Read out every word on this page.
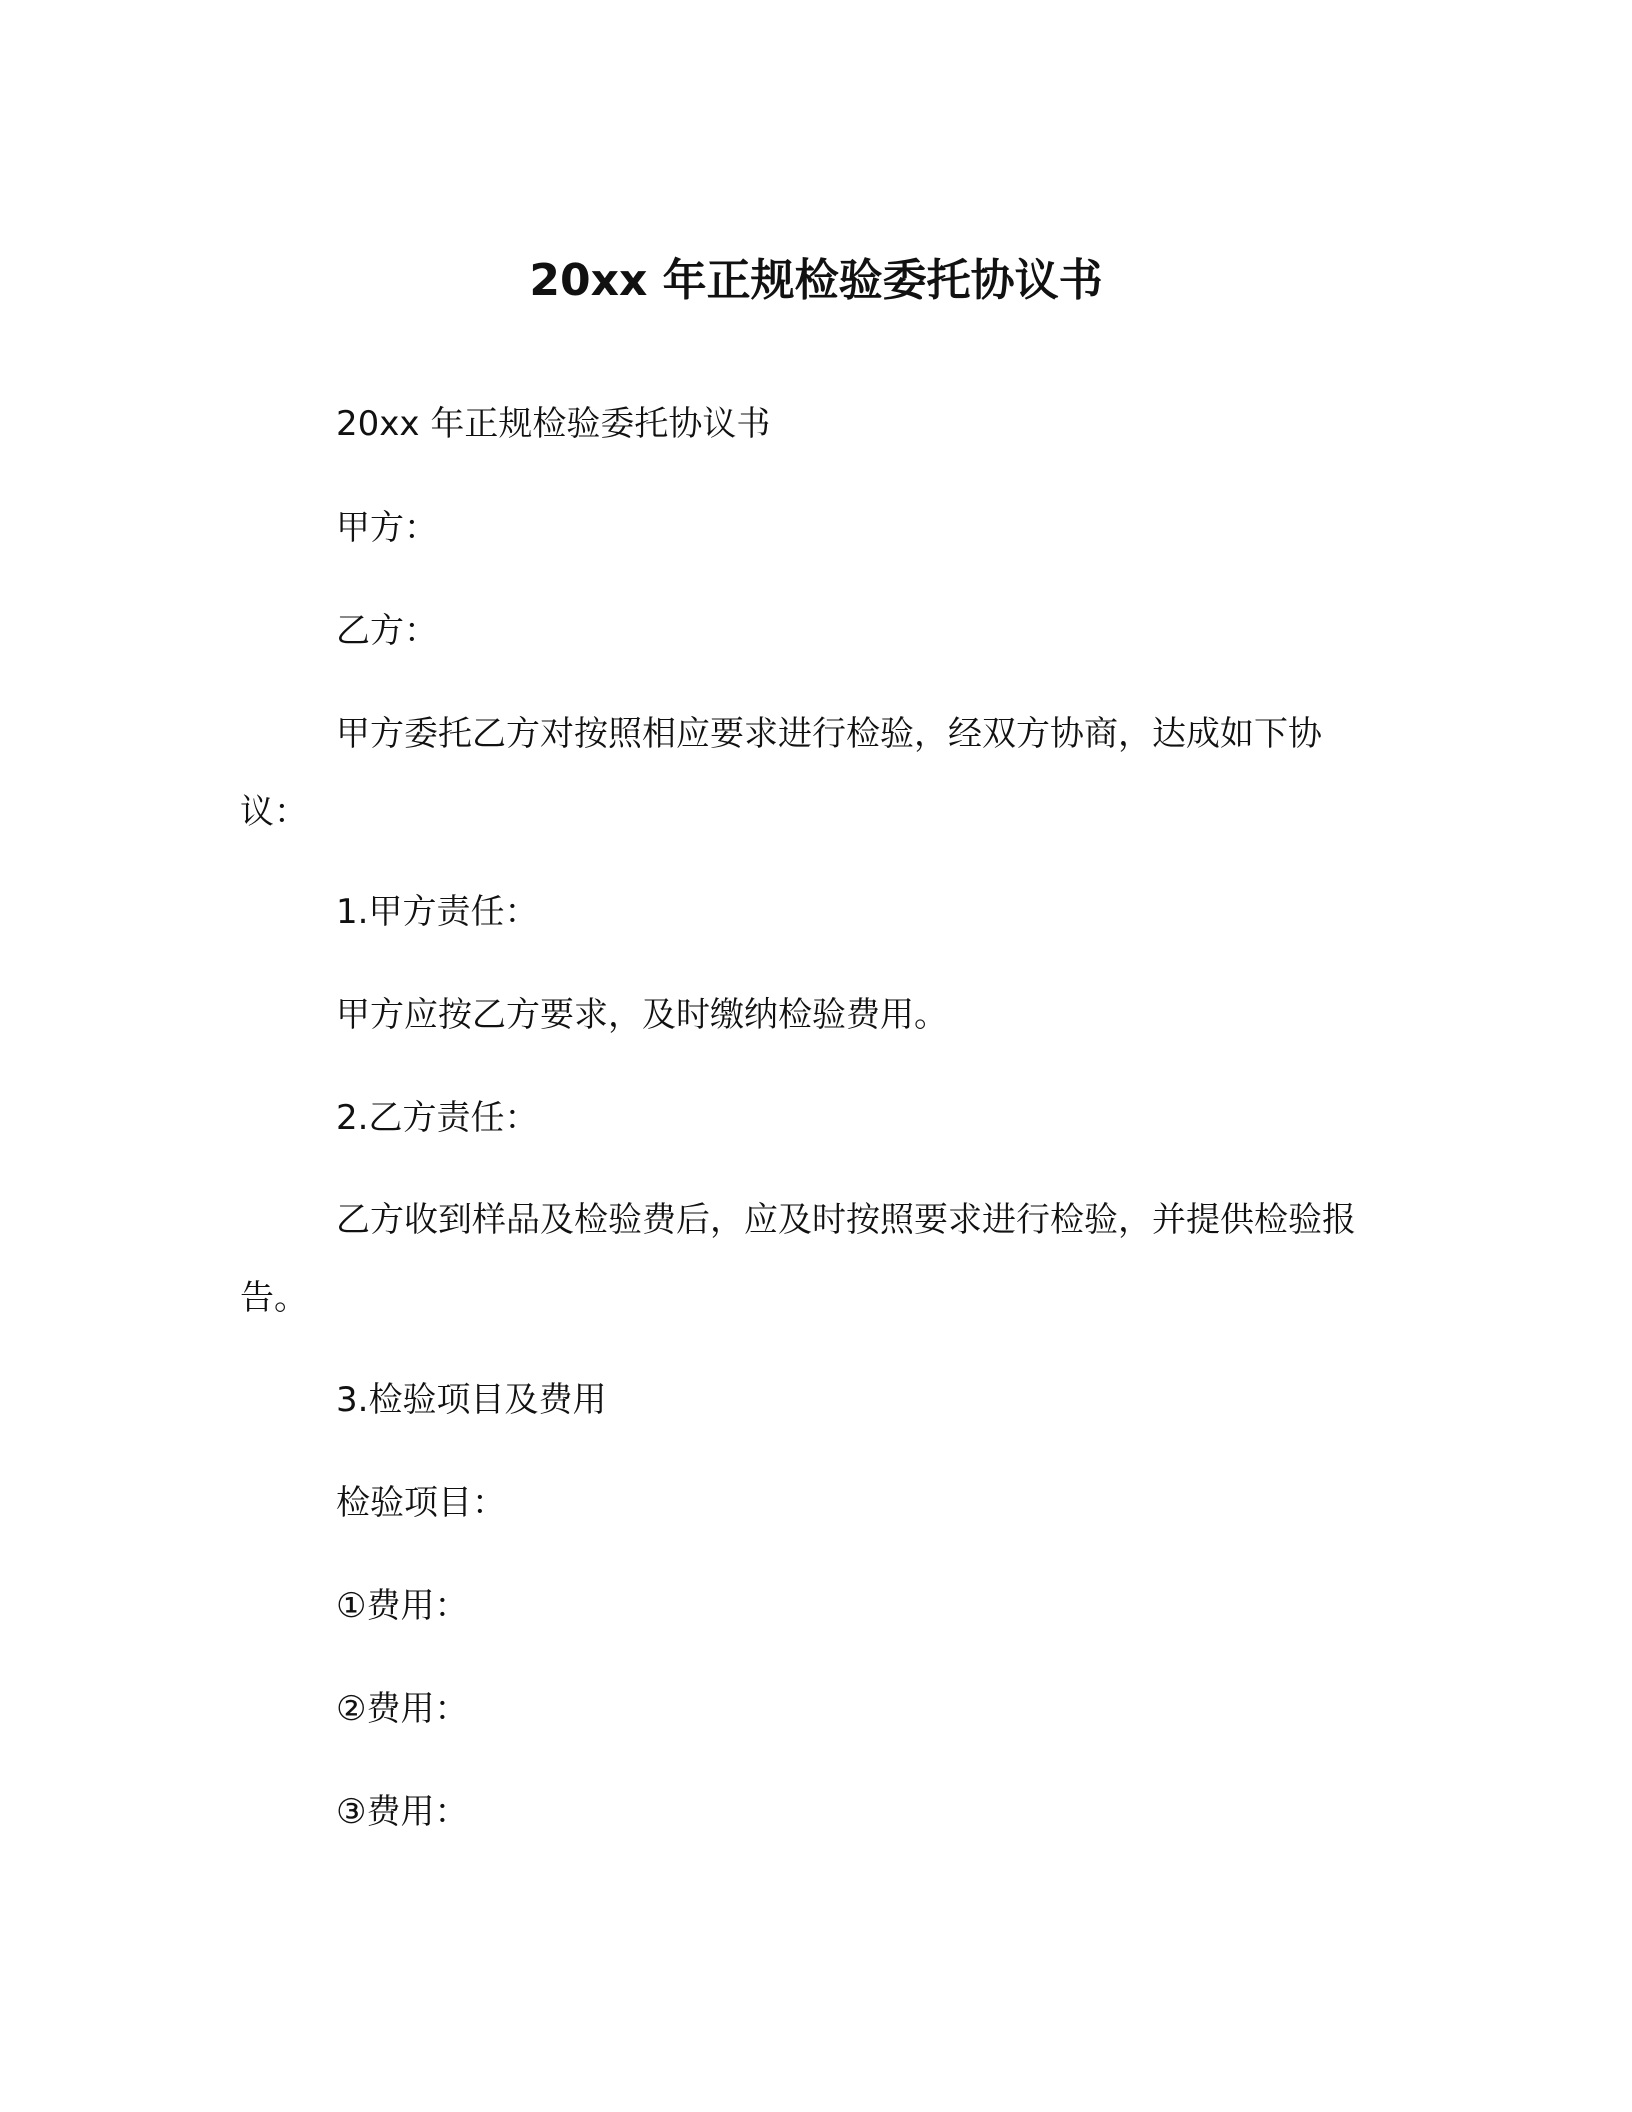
20xx 年正规检验委托协议书

20xx 年正规检验委托协议书

甲方：

乙方：

甲方委托乙方对按照相应要求进行检验，经双方协商，达成如下协议：

1.甲方责任：

甲方应按乙方要求，及时缴纳检验费用。

2.乙方责任：

乙方收到样品及检验费后，应及时按照要求进行检验，并提供检验报告。

3.检验项目及费用

检验项目：

①费用：

②费用：

③费用：
